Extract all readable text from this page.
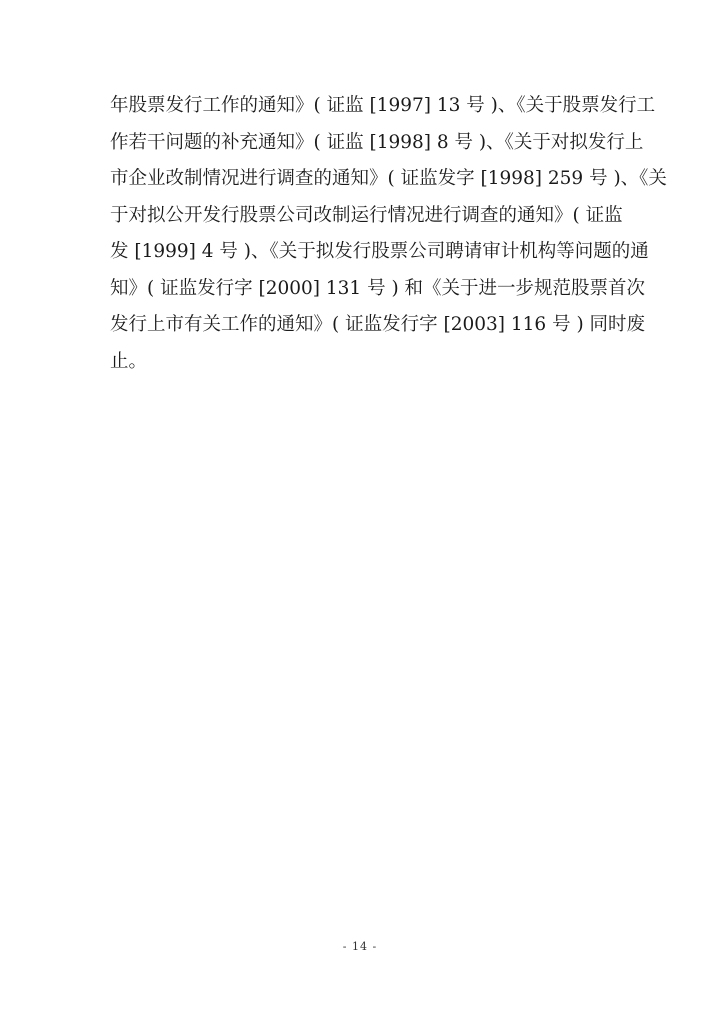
年股票发行工作的通知》( 证监 [1997] 13 号 )、《关于股票发行工
作若干问题的补充通知》( 证监 [1998] 8 号 )、《关于对拟发行上
市企业改制情况进行调查的通知》( 证监发字 [1998] 259 号 )、《关
于对拟公开发行股票公司改制运行情况进行调查的通知》( 证监
发 [1999] 4 号 )、《关于拟发行股票公司聘请审计机构等问题的通
知》( 证监发行字 [2000] 131 号 ) 和《关于进一步规范股票首次
发行上市有关工作的通知》( 证监发行字 [2003] 116 号 ) 同时废
止。
- 14 -
